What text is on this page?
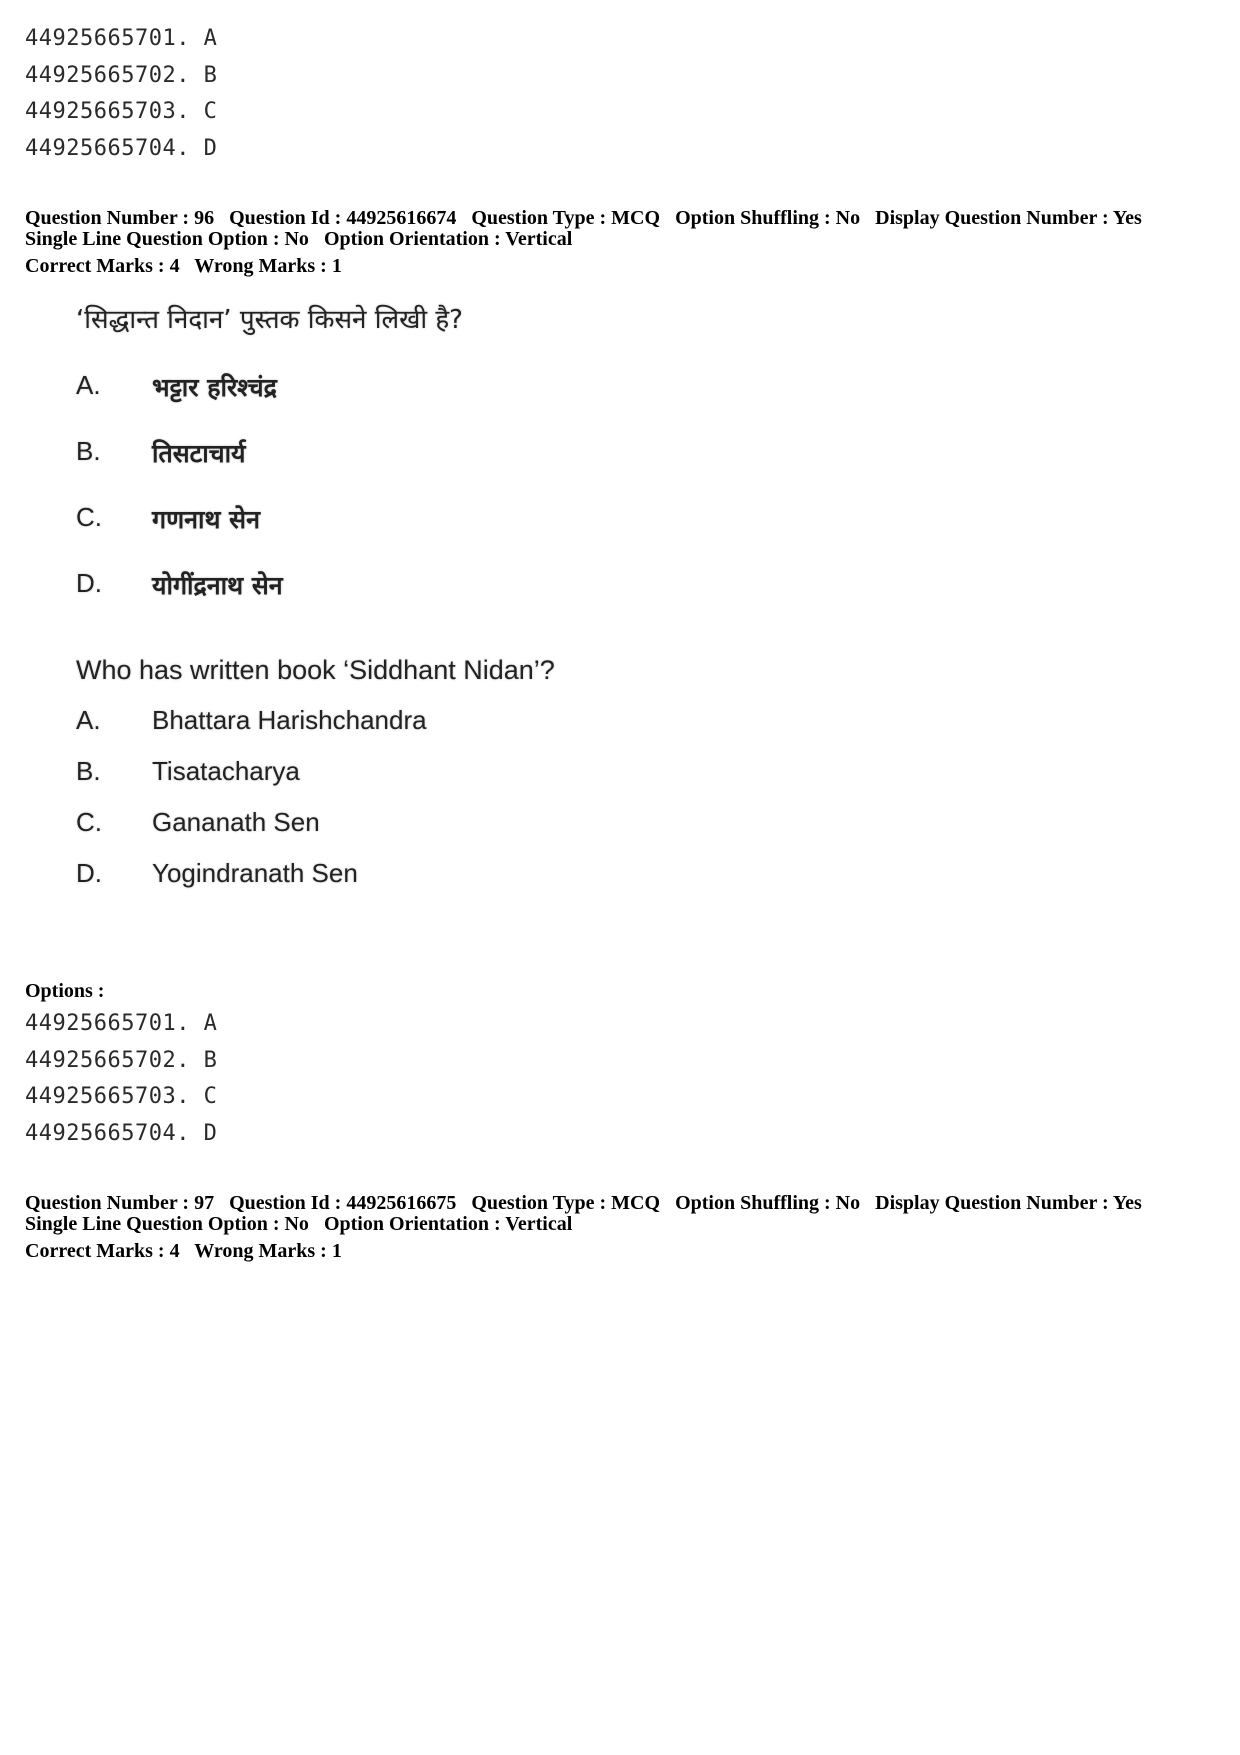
44925665701. A
44925665702. B
44925665703. C
44925665704. D
Question Number : 96 Question Id : 44925616674 Question Type : MCQ Option Shuffling : No Display Question Number : Yes
Single Line Question Option : No Option Orientation : Vertical
Correct Marks : 4 Wrong Marks : 1
‘सिद्धान्त निदान’ पुस्तक किसने लिखी है?
A. भट्टार हरिश्चंद्र
B. तिसटाचार्य
C. गणनाथ सेन
D. योगींद्रनाथ सेन
Who has written book ‘Siddhant Nidan’?
A. Bhattara Harishchandra
B. Tisatacharya
C. Gananath Sen
D. Yogindranath Sen
Options :
44925665701. A
44925665702. B
44925665703. C
44925665704. D
Question Number : 97 Question Id : 44925616675 Question Type : MCQ Option Shuffling : No Display Question Number : Yes
Single Line Question Option : No Option Orientation : Vertical
Correct Marks : 4 Wrong Marks : 1
